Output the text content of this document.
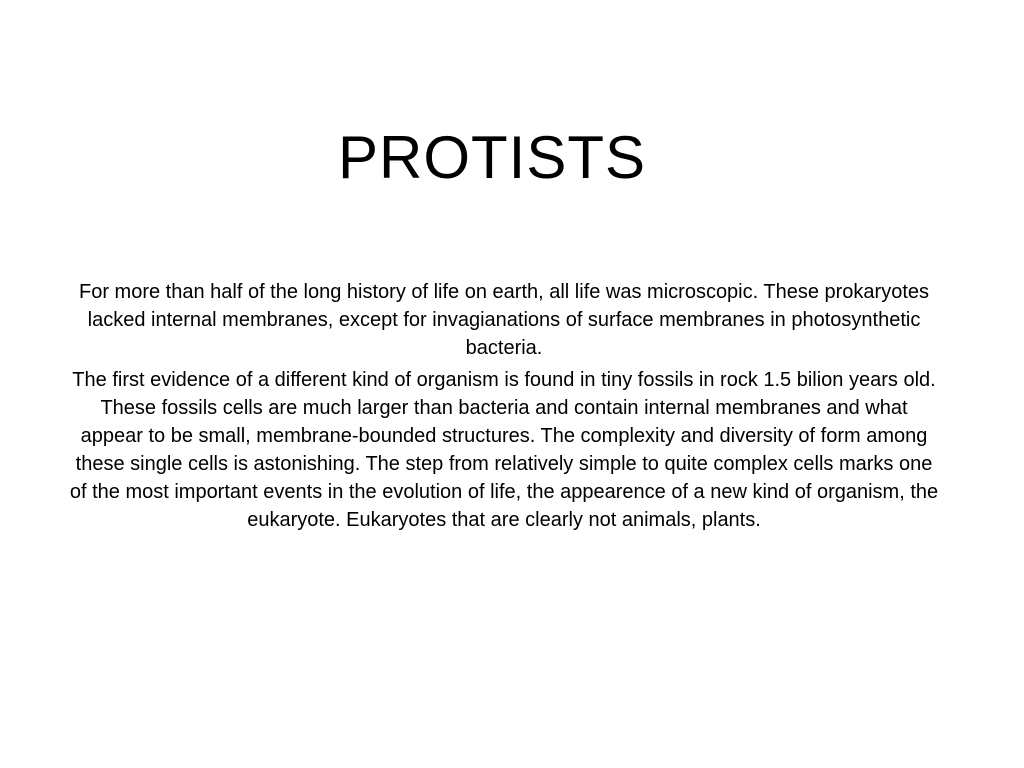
PROTISTS

For more than half of the long history of life on earth, all life was microscopic. These prokaryotes lacked internal membranes, except for invagianations of surface membranes in photosynthetic bacteria.

The first evidence of a different kind of organism is found in tiny fossils in rock 1.5 bilion years old. These fossils cells are much larger than bacteria and contain internal membranes and what appear to be small, membrane-bounded structures. The complexity and diversity of form among these single cells is astonishing. The step from relatively simple to quite complex cells marks one of the most important events in the evolution of life, the appearence of a new kind of organism, the eukaryote. Eukaryotes that are clearly not animals, plants.
